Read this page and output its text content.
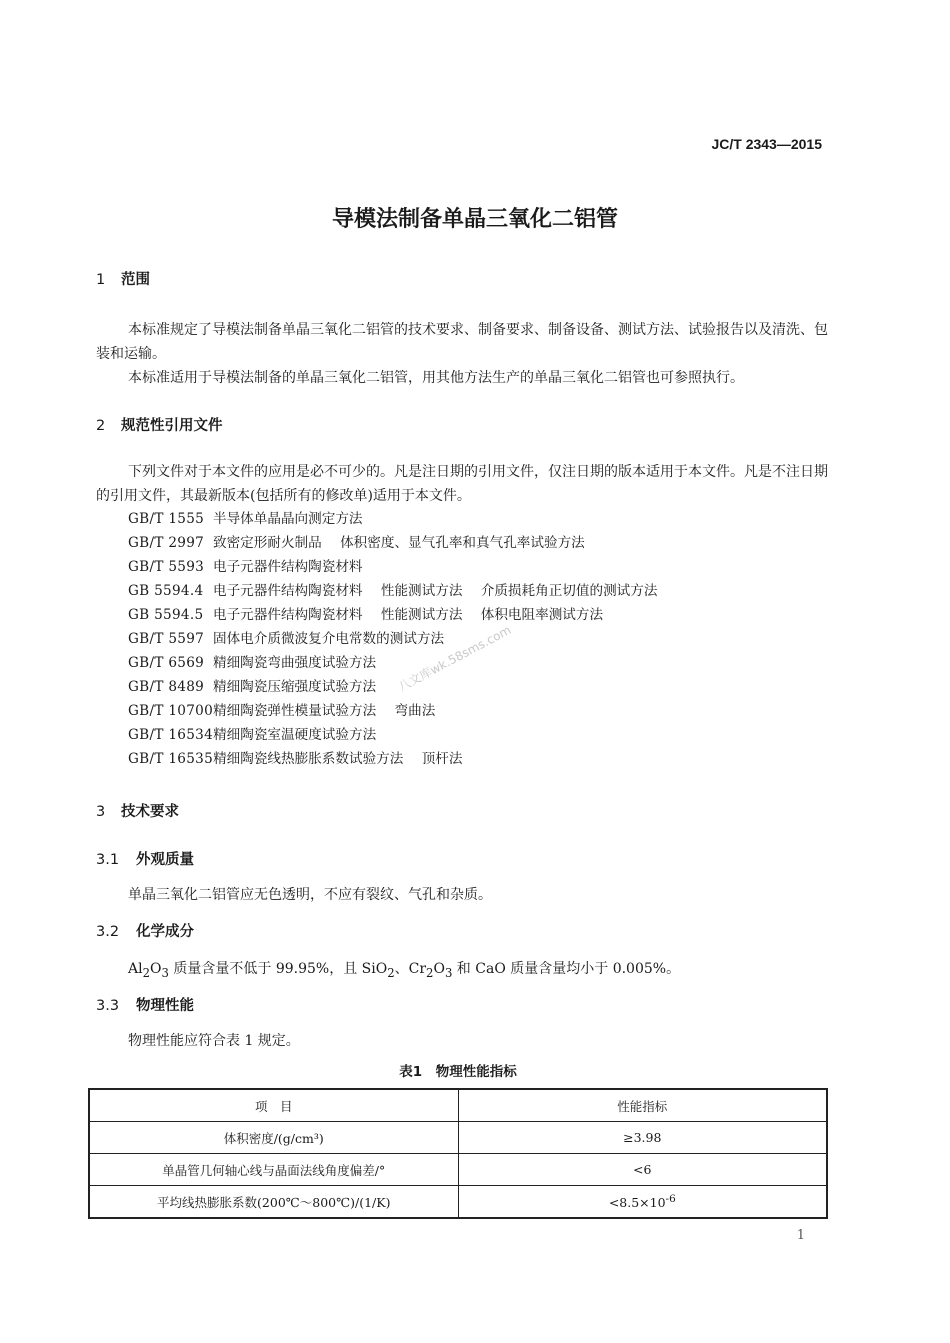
JC/T 2343—2015
导模法制备单晶三氧化二铝管
1 范围
本标准规定了导模法制备单晶三氧化二铝管的技术要求、制备要求、制备设备、测试方法、试验报告以及清洗、包装和运输。
本标准适用于导模法制备的单晶三氧化二铝管，用其他方法生产的单晶三氧化二铝管也可参照执行。
2 规范性引用文件
下列文件对于本文件的应用是必不可少的。凡是注日期的引用文件，仅注日期的版本适用于本文件。凡是不注日期的引用文件，其最新版本(包括所有的修改单)适用于本文件。
GB/T 1555 半导体单晶晶向测定方法
GB/T 2997 致密定形耐火制品 体积密度、显气孔率和真气孔率试验方法
GB/T 5593 电子元器件结构陶瓷材料
GB 5594.4 电子元器件结构陶瓷材料 性能测试方法 介质损耗角正切值的测试方法
GB 5594.5 电子元器件结构陶瓷材料 性能测试方法 体积电阻率测试方法
GB/T 5597 固体电介质微波复介电常数的测试方法
GB/T 6569 精细陶瓷弯曲强度试验方法
GB/T 8489 精细陶瓷压缩强度试验方法
GB/T 10700精细陶瓷弹性模量试验方法 弯曲法
GB/T 16534精细陶瓷室温硬度试验方法
GB/T 16535精细陶瓷线热膨胀系数试验方法 顶杆法
3 技术要求
3.1 外观质量
单晶三氧化二铝管应无色透明，不应有裂纹、气孔和杂质。
3.2 化学成分
$Al_2O_3$ 质量含量不低于 99.95%，且 SiO$_2$、$Cr_2O_3$ 和 CaO 质量含量均小于 0.005%。
3.3 物理性能
物理性能应符合表 1 规定。
表1　物理性能指标
项　目	性能指标
体积密度/(g/cm³)	≥3.98
单晶管几何轴心线与晶面法线角度偏差/°	<6
平均线热膨胀系数(200℃～800℃)/(1/K)	$<8.5\times 10^{-6}$
1
八文库wk.58sms.com
